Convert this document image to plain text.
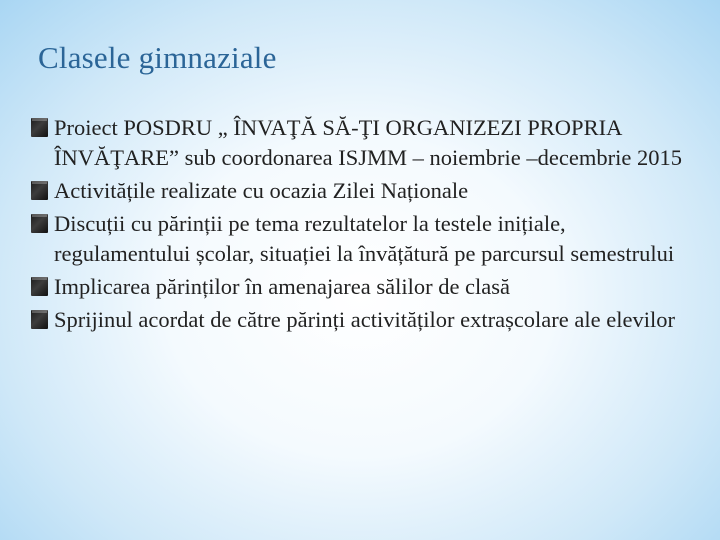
Clasele gimnaziale
Proiect POSDRU „ ÎNVAŢĂ SĂ-ŢI ORGANIZEZI PROPRIA ÎNVĂŢARE” sub coordonarea ISJMM – noiembrie –decembrie 2015
Activitățile realizate cu ocazia Zilei Naționale
Discuții cu părinții pe tema rezultatelor la testele inițiale, regulamentului școlar, situației la învățătură pe parcursul semestrului
Implicarea părinților în amenajarea sălilor de clasă
Sprijinul acordat de către părinți activităților extrașcolare ale elevilor
